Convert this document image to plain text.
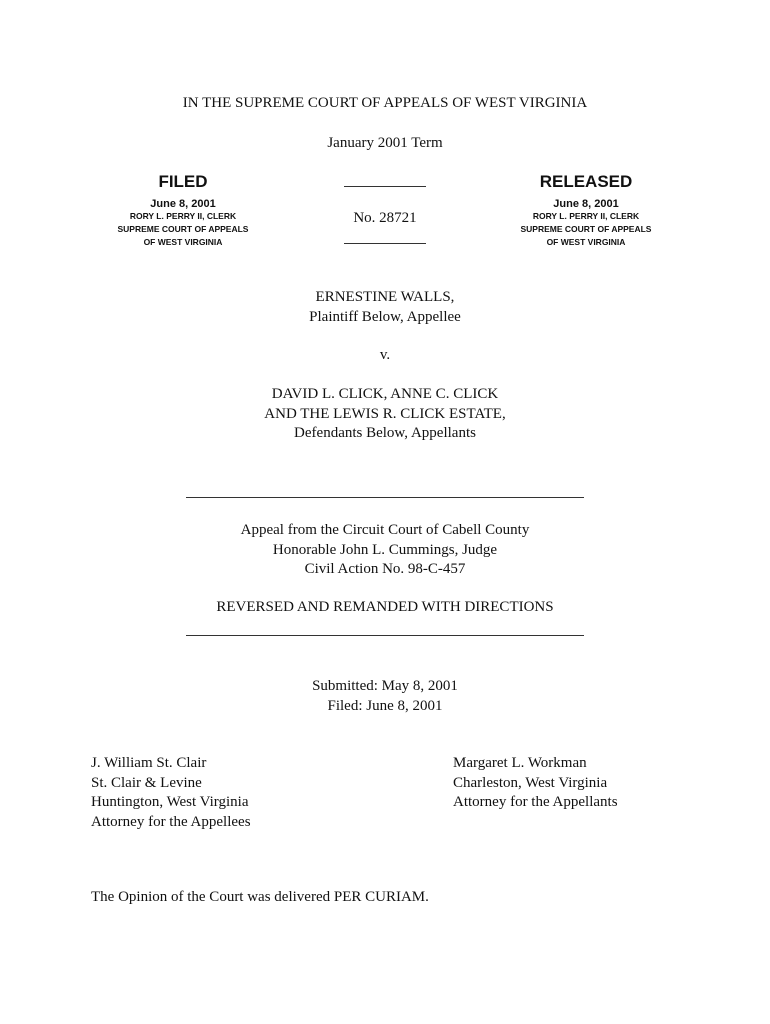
IN THE SUPREME COURT OF APPEALS OF WEST VIRGINIA
January 2001 Term
FILED
June 8, 2001
RORY L. PERRY II, CLERK
SUPREME COURT OF APPEALS
OF WEST VIRGINIA
No. 28721
RELEASED
June 8, 2001
RORY L. PERRY II, CLERK
SUPREME COURT OF APPEALS
OF WEST VIRGINIA
ERNESTINE WALLS,
Plaintiff Below, Appellee
v.
DAVID L. CLICK, ANNE C. CLICK
AND THE LEWIS R. CLICK ESTATE,
Defendants Below, Appellants
Appeal from the Circuit Court of Cabell County
Honorable John L. Cummings, Judge
Civil Action No. 98-C-457
REVERSED AND REMANDED WITH DIRECTIONS
Submitted: May 8, 2001
Filed: June 8, 2001
J. William St. Clair
St. Clair & Levine
Huntington, West Virginia
Attorney for the Appellees
Margaret L. Workman
Charleston, West Virginia
Attorney for the Appellants
The Opinion of the Court was delivered PER CURIAM.
